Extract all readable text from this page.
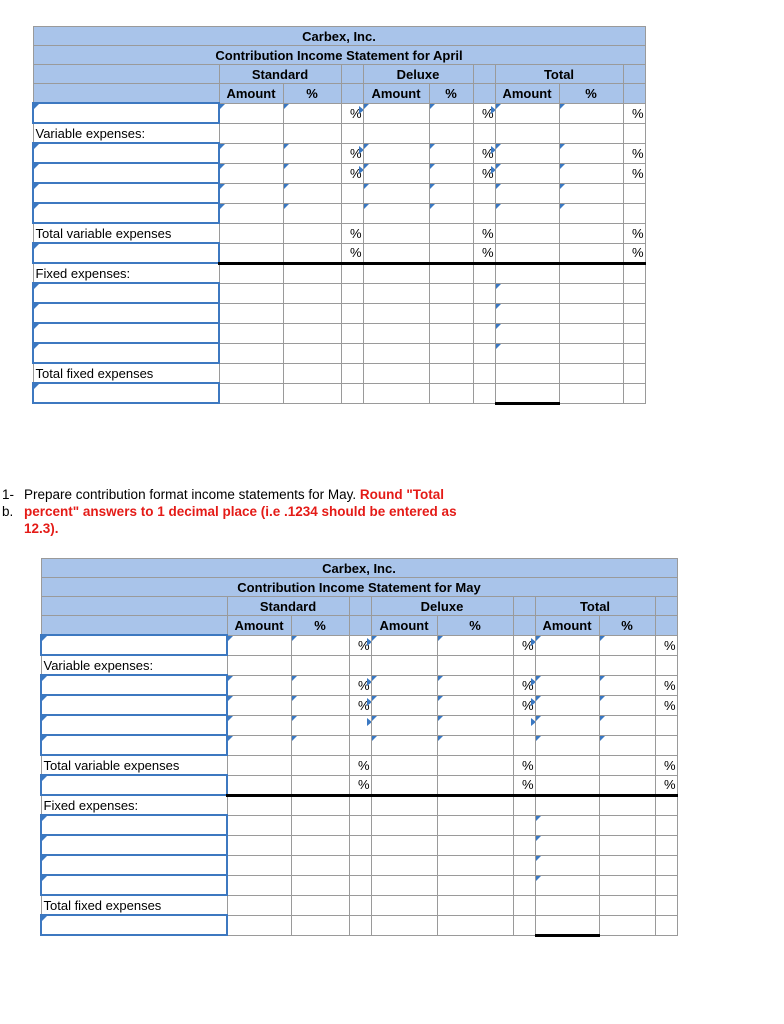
Carbex, Inc.									
Contribution Income Statement for April									
	Standard			Deluxe			Total		
	Amount	%		Amount	%		Amount	%	
			%			%			%
Variable expenses:									
			%			%			%
			%			%			%

Total variable expenses			%			%			%
			%			%			%
Fixed expenses:									

Total fixed expenses									

1- Prepare contribution format income statements for May. Round "Total
b. percent" answers to 1 decimal place (i.e .1234 should be entered as
12.3).
Carbex, Inc.									
Contribution Income Statement for May									
	Standard			Deluxe			Total		
	Amount	%		Amount	%		Amount	%	
			%			%			%
Variable expenses:									
			%			%			%
			%			%			%

Total variable expenses			%			%			%
			%			%			%
Fixed expenses:									

Total fixed expenses									
